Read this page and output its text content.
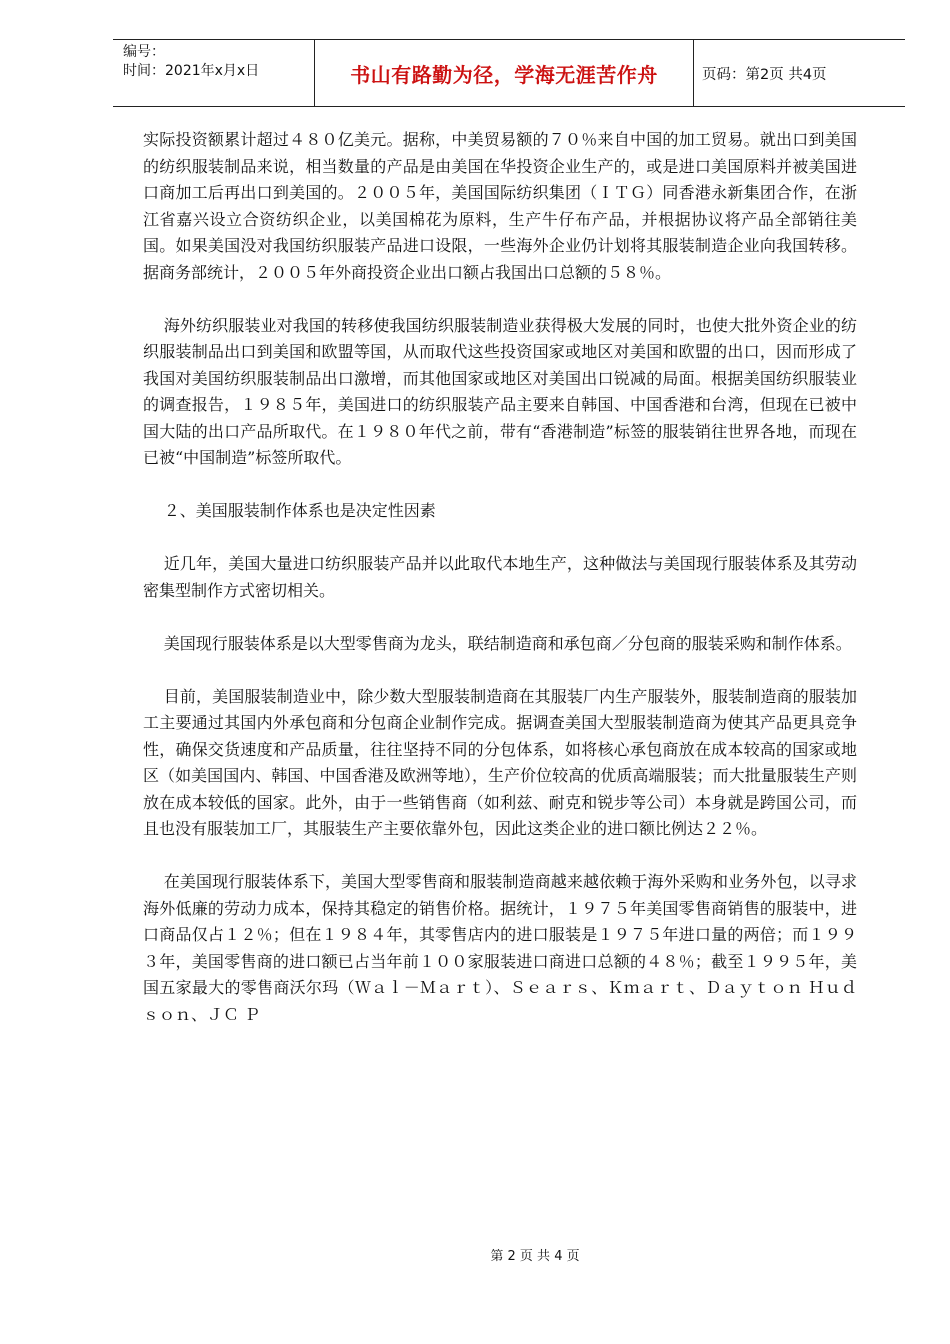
编号：
时间：2021年x月x日	书山有路勤为径，学海无涯苦作舟	页码：第2页 共4页

实际投资额累计超过４８０亿美元。据称，中美贸易额的７０％来自中国的加工贸易。就出口到美国的纺织服装制品来说，相当数量的产品是由美国在华投资企业生产的，或是进口美国原料并被美国进口商加工后再出口到美国的。２００５年，美国国际纺织集团（ＩＴＧ）同香港永新集团合作，在浙江省嘉兴设立合资纺织企业，以美国棉花为原料，生产牛仔布产品，并根据协议将产品全部销往美国。如果美国没对我国纺织服装产品进口设限，一些海外企业仍计划将其服装制造企业向我国转移。据商务部统计，２００５年外商投资企业出口额占我国出口总额的５８％。

海外纺织服装业对我国的转移使我国纺织服装制造业获得极大发展的同时，也使大批外资企业的纺织服装制品出口到美国和欧盟等国，从而取代这些投资国家或地区对美国和欧盟的出口，因而形成了我国对美国纺织服装制品出口激增，而其他国家或地区对美国出口锐减的局面。根据美国纺织服装业的调查报告，１９８５年，美国进口的纺织服装产品主要来自韩国、中国香港和台湾，但现在已被中国大陆的出口产品所取代。在１９８０年代之前，带有“香港制造”标签的服装销往世界各地，而现在已被“中国制造”标签所取代。

２、美国服装制作体系也是决定性因素

近几年，美国大量进口纺织服装产品并以此取代本地生产，这种做法与美国现行服装体系及其劳动密集型制作方式密切相关。

美国现行服装体系是以大型零售商为龙头，联结制造商和承包商／分包商的服装采购和制作体系。

目前，美国服装制造业中，除少数大型服装制造商在其服装厂内生产服装外，服装制造商的服装加工主要通过其国内外承包商和分包商企业制作完成。据调查美国大型服装制造商为使其产品更具竞争性，确保交货速度和产品质量，往往坚持不同的分包体系，如将核心承包商放在成本较高的国家或地区（如美国国内、韩国、中国香港及欧洲等地），生产价位较高的优质高端服装；而大批量服装生产则放在成本较低的国家。此外，由于一些销售商（如利兹、耐克和锐步等公司）本身就是跨国公司，而且也没有服装加工厂，其服装生产主要依靠外包，因此这类企业的进口额比例达２２％。

在美国现行服装体系下，美国大型零售商和服装制造商越来越依赖于海外采购和业务外包，以寻求海外低廉的劳动力成本，保持其稳定的销售价格。据统计，１９７５年美国零售商销售的服装中，进口商品仅占１２％；但在１９８４年，其零售店内的进口服装是１９７５年进口量的两倍；而１９９３年，美国零售商的进口额已占当年前１００家服装进口商进口总额的４８％；截至１９９５年，美国五家最大的零售商沃尔玛（Ｗａｌ－Ｍａｒｔ）、Ｓｅａｒｓ、Ｋｍａｒｔ、Ｄａｙｔｏｎ Ｈｕｄｓｏｎ、ＪＣ Ｐ

第 2 页 共 4 页
